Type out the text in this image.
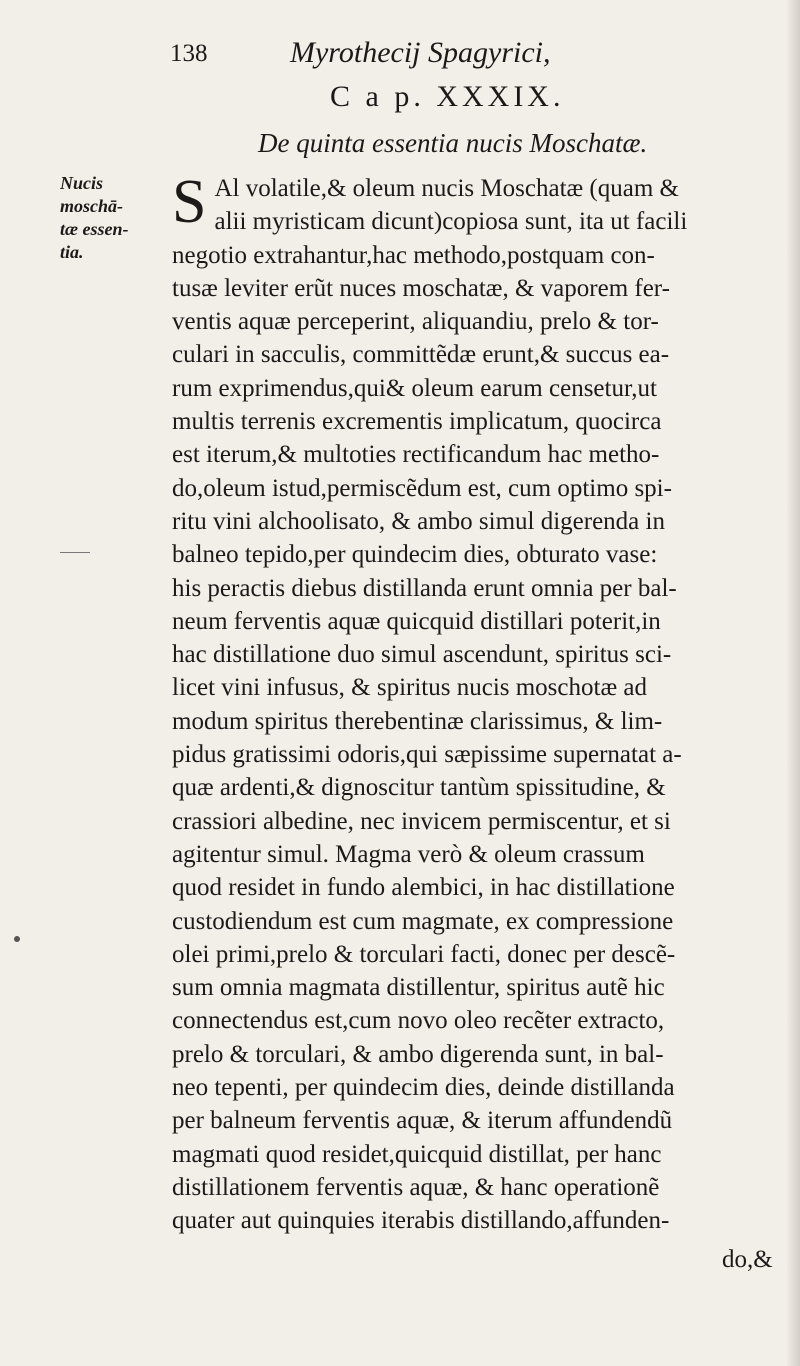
138	Myrothecij Spagyrici,
C a p. XXXIX.
De quinta essentia nucis Moschatæ.
Nucis
moschā-
tæ essen-
tia.
S Al volatile,& oleum nucis Moschatæ (quam &
alii myristicam dicunt)copiosa sunt, ita ut facili
negotio extrahantur,hac methodo,postquam con-
tusæ leviter erũt nuces moschatæ, & vaporem fer-
ventis aquæ perceperint, aliquandiu, prelo & tor-
culari in sacculis, committẽdæ erunt,& succus ea-
rum exprimendus,qui& oleum earum censetur,ut
multis terrenis excrementis implicatum, quocirca
est iterum,& multoties rectificandum hac metho-
do,oleum istud,permiscẽdum est, cum optimo spi-
ritu vini alchoolisato, & ambo simul digerenda in
balneo tepido,per quindecim dies, obturato vase:
his peractis diebus distillanda erunt omnia per bal-
neum ferventis aquæ quicquid distillari poterit,in
hac distillatione duo simul ascendunt, spiritus sci-
licet vini infusus, & spiritus nucis moschotæ ad
modum spiritus therebentinæ clarissimus, & lim-
pidus gratissimi odoris,qui sæpissime supernatat a-
quæ ardenti,& dignoscitur tantùm spissitudine, &
crassiori albedine, nec invicem permiscentur, et si
agitentur simul. Magma verò & oleum crassum
quod residet in fundo alembici, in hac distillatione
custodiendum est cum magmate, ex compressione
olei primi,prelo & torculari facti, donec per descẽ-
sum omnia magmata distillentur, spiritus autẽ hic
connectendus est,cum novo oleo recẽter extracto,
prelo & torculari, & ambo digerenda sunt, in bal-
neo tepenti, per quindecim dies, deinde distillanda
per balneum ferventis aquæ, & iterum affundendũ
magmati quod residet,quicquid distillat, per hanc
distillationem ferventis aquæ, & hanc operationẽ
quater aut quinquies iterabis distillando,affunden-
do,&
